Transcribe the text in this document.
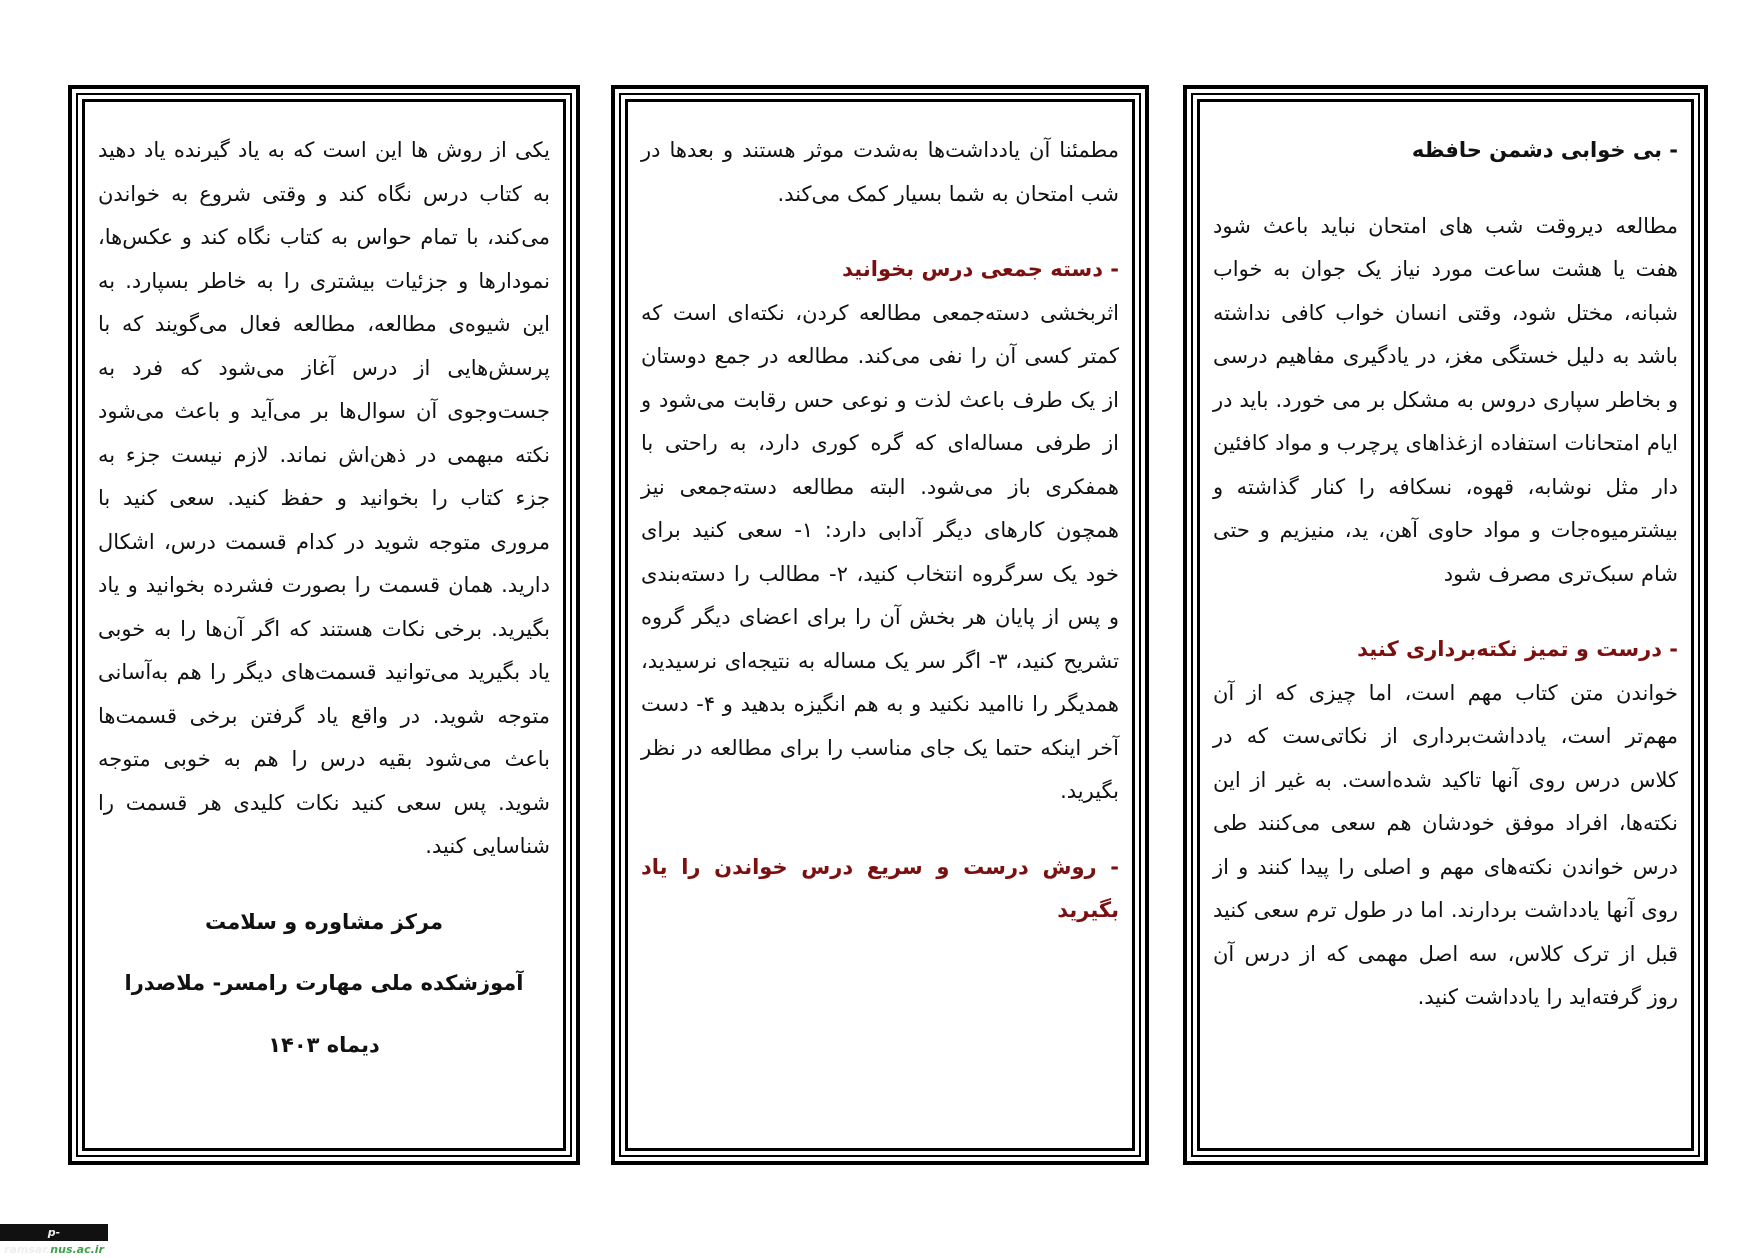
- بی خوابی دشمن حافظه

مطالعه دیروقت شب های امتحان نباید باعث شود هفت یا هشت ساعت مورد نیاز یک جوان به خواب شبانه، مختل شود، وقتی انسان خواب کافی نداشته باشد به دلیل خستگی مغز، در یادگیری مفاهیم درسی و بخاطر سپاری دروس به مشکل بر می خورد. باید در ایام امتحانات استفاده ازغذاهای پرچرب و مواد کافئین دار مثل نوشابه، قهوه، نسکافه را کنار گذاشته و بیشترمیوه‌جات و مواد حاوی آهن، ید، منیزیم و حتی شام سبک‌تری مصرف شود

- درست و تمیز نکته‌برداری کنید

خواندن متن کتاب مهم است، اما چیزی که از آن مهم‌تر است، یادداشت‌برداری از نکاتی‌ست که در کلاس درس روی آنها تاکید شده‌است. به غیر از این نکته‌ها، افراد موفق خودشان هم سعی می‌کنند طی درس خواندن نکته‌های مهم و اصلی را پیدا کنند و از روی آنها یادداشت بردارند. اما در طول ترم سعی کنید قبل از ترک کلاس، سه اصل مهمی که از درس آن روز گرفته‌اید را یادداشت کنید.

مطمئنا آن یادداشت‌ها به‌شدت موثر هستند و بعدها در شب امتحان به شما بسیار کمک می‌کند.

- دسته جمعی درس بخوانید

اثربخشی دسته‌جمعی مطالعه کردن، نکته‌ای است که کمتر کسی آن را نفی می‌کند. مطالعه در جمع دوستان از یک طرف باعث لذت و نوعی حس رقابت می‌شود و از طرفی مساله‌ای که گره کوری دارد، به راحتی با همفکری باز می‌شود. البته مطالعه دسته‌جمعی نیز همچون کارهای دیگر آدابی دارد: ۱- سعی کنید برای خود یک سرگروه انتخاب کنید، ۲- مطالب را دسته‌بندی و پس از پایان هر بخش آن را برای اعضای دیگر گروه تشریح کنید، ۳- اگر سر یک مساله به نتیجه‌ای نرسیدید، همدیگر را ناامید نکنید و به هم انگیزه بدهید و ۴- دست آخر اینکه حتما یک جای مناسب را برای مطالعه در نظر بگیرید.

- روش درست و سریع درس خواندن را یاد بگیرید

یکی از روش ها این است که به یاد گیرنده یاد دهید به کتاب درس نگاه کند و وقتی شروع به خواندن می‌کند، با تمام حواس به کتاب نگاه کند و عکس‌ها، نمودارها و جزئیات بیشتری را به خاطر بسپارد. به این شیوه‌ی مطالعه، مطالعه فعال می‌گویند که با پرسش‌هایی از درس آغاز می‌شود که فرد به جست‌وجوی آن سوال‌ها بر می‌آید و باعث می‌شود نکته مبهمی در ذهن‌اش نماند. لازم نیست جزء به جزء کتاب را بخوانید و حفظ کنید. سعی کنید با مروری متوجه شوید در کدام قسمت درس، اشکال دارید. همان قسمت را بصورت فشرده بخوانید و یاد بگیرید. برخی نکات هستند که اگر آن‌ها را به خوبی یاد بگیرید می‌توانید قسمت‌های دیگر را هم به‌آسانی متوجه شوید. در واقع یاد گرفتن برخی قسمت‌ها باعث می‌شود بقیه درس را هم به خوبی متوجه شوید. پس سعی کنید نکات کلیدی هر قسمت را شناسایی کنید.

مرکز مشاوره و سلامت

آموزشکده ملی مهارت رامسر- ملاصدرا

دیماه ۱۴۰۳

p-ramsar.nus.ac.ir
